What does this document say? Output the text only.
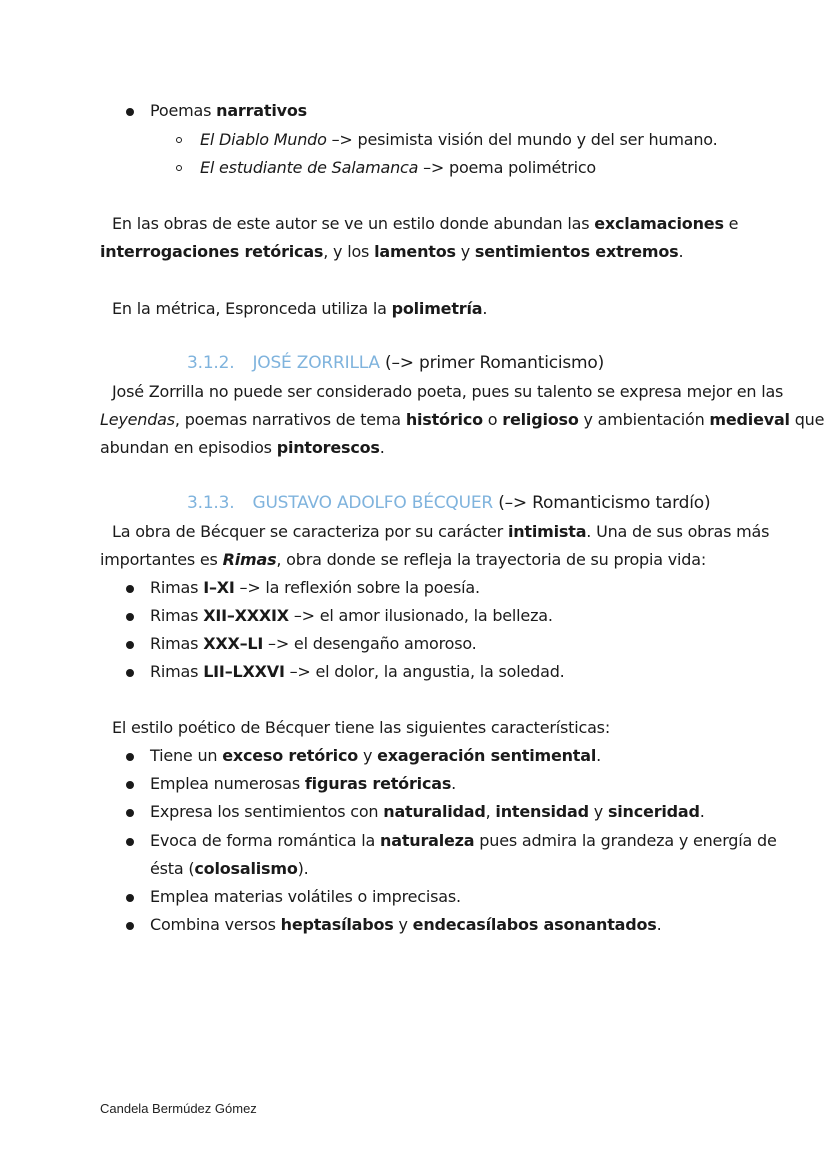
Poemas narrativos
El Diablo Mundo –> pesimista visión del mundo y del ser humano.
El estudiante de Salamanca –> poema polimétrico
En las obras de este autor se ve un estilo donde abundan las exclamaciones e
interrogaciones retóricas, y los lamentos y sentimientos extremos.
En la métrica, Espronceda utiliza la polimetría.
3.1.2. JOSÉ ZORRILLA (–> primer Romanticismo)
José Zorrilla no puede ser considerado poeta, pues su talento se expresa mejor en las
Leyendas, poemas narrativos de tema histórico o religioso y ambientación medieval que
abundan en episodios pintorescos.
3.1.3. GUSTAVO ADOLFO BÉCQUER (–> Romanticismo tardío)
La obra de Bécquer se caracteriza por su carácter intimista. Una de sus obras más
importantes es Rimas, obra donde se refleja la trayectoria de su propia vida:
Rimas I–XI –> la reflexión sobre la poesía.
Rimas XII–XXXIX –> el amor ilusionado, la belleza.
Rimas XXX–LI –> el desengaño amoroso.
Rimas LII–LXXVI –> el dolor, la angustia, la soledad.
El estilo poético de Bécquer tiene las siguientes características:
Tiene un exceso retórico y exageración sentimental.
Emplea numerosas figuras retóricas.
Expresa los sentimientos con naturalidad, intensidad y sinceridad.
Evoca de forma romántica la naturaleza pues admira la grandeza y energía de
ésta (colosalismo).
Emplea materias volátiles o imprecisas.
Combina versos heptasílabos y endecasílabos asonantados.
Candela Bermúdez Gómez
